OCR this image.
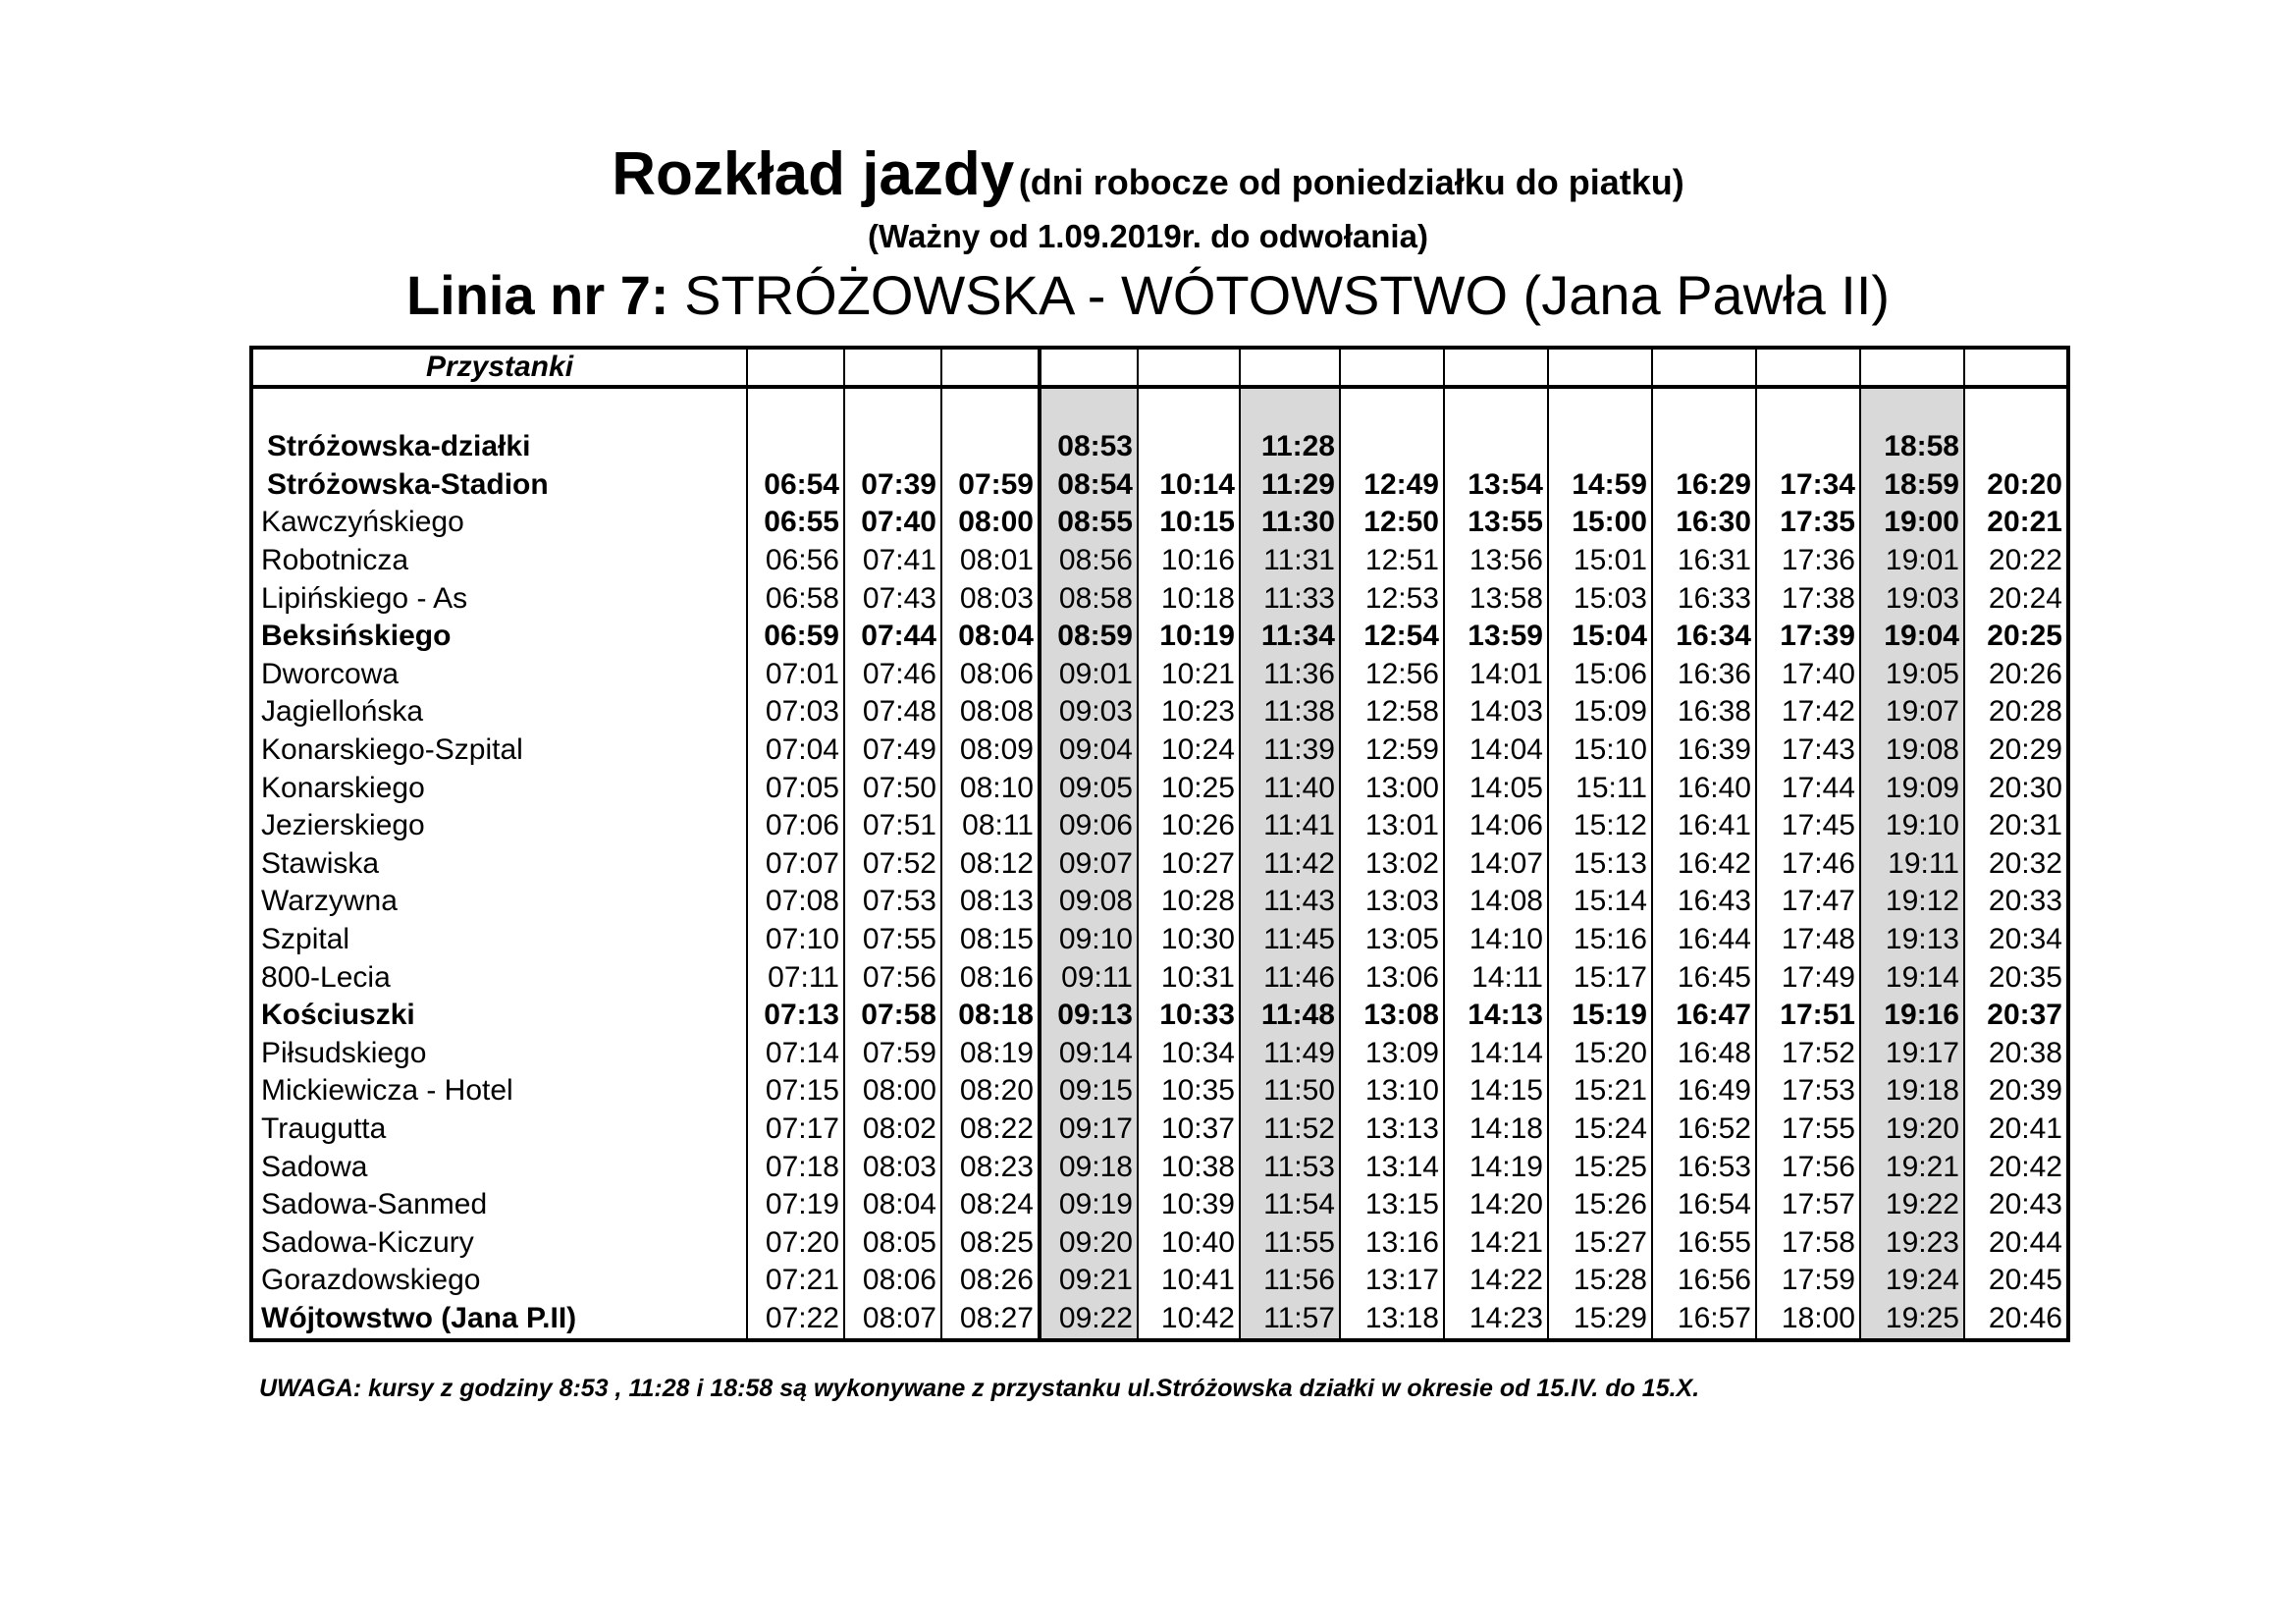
Rozkład jazdy (dni robocze od poniedziałku do piatku)
(Ważny od 1.09.2019r. do odwołania)
Linia nr 7: STRÓŻOWSKA - WÓTOWSTWO (Jana Pawła II)
Przystanki													

Stróżowska-działki				08:53		11:28						18:58	
Stróżowska-Stadion	06:54	07:39	07:59	08:54	10:14	11:29	12:49	13:54	14:59	16:29	17:34	18:59	20:20
Kawczyńskiego	06:55	07:40	08:00	08:55	10:15	11:30	12:50	13:55	15:00	16:30	17:35	19:00	20:21
Robotnicza	06:56	07:41	08:01	08:56	10:16	11:31	12:51	13:56	15:01	16:31	17:36	19:01	20:22
Lipińskiego - As	06:58	07:43	08:03	08:58	10:18	11:33	12:53	13:58	15:03	16:33	17:38	19:03	20:24
Beksińskiego	06:59	07:44	08:04	08:59	10:19	11:34	12:54	13:59	15:04	16:34	17:39	19:04	20:25
Dworcowa	07:01	07:46	08:06	09:01	10:21	11:36	12:56	14:01	15:06	16:36	17:40	19:05	20:26
Jagiellońska	07:03	07:48	08:08	09:03	10:23	11:38	12:58	14:03	15:09	16:38	17:42	19:07	20:28
Konarskiego-Szpital	07:04	07:49	08:09	09:04	10:24	11:39	12:59	14:04	15:10	16:39	17:43	19:08	20:29
Konarskiego	07:05	07:50	08:10	09:05	10:25	11:40	13:00	14:05	15:11	16:40	17:44	19:09	20:30
Jezierskiego	07:06	07:51	08:11	09:06	10:26	11:41	13:01	14:06	15:12	16:41	17:45	19:10	20:31
Stawiska	07:07	07:52	08:12	09:07	10:27	11:42	13:02	14:07	15:13	16:42	17:46	19:11	20:32
Warzywna	07:08	07:53	08:13	09:08	10:28	11:43	13:03	14:08	15:14	16:43	17:47	19:12	20:33
Szpital	07:10	07:55	08:15	09:10	10:30	11:45	13:05	14:10	15:16	16:44	17:48	19:13	20:34
800-Lecia	07:11	07:56	08:16	09:11	10:31	11:46	13:06	14:11	15:17	16:45	17:49	19:14	20:35
Kościuszki	07:13	07:58	08:18	09:13	10:33	11:48	13:08	14:13	15:19	16:47	17:51	19:16	20:37
Piłsudskiego	07:14	07:59	08:19	09:14	10:34	11:49	13:09	14:14	15:20	16:48	17:52	19:17	20:38
Mickiewicza - Hotel	07:15	08:00	08:20	09:15	10:35	11:50	13:10	14:15	15:21	16:49	17:53	19:18	20:39
Traugutta	07:17	08:02	08:22	09:17	10:37	11:52	13:13	14:18	15:24	16:52	17:55	19:20	20:41
Sadowa	07:18	08:03	08:23	09:18	10:38	11:53	13:14	14:19	15:25	16:53	17:56	19:21	20:42
Sadowa-Sanmed	07:19	08:04	08:24	09:19	10:39	11:54	13:15	14:20	15:26	16:54	17:57	19:22	20:43
Sadowa-Kiczury	07:20	08:05	08:25	09:20	10:40	11:55	13:16	14:21	15:27	16:55	17:58	19:23	20:44
Gorazdowskiego	07:21	08:06	08:26	09:21	10:41	11:56	13:17	14:22	15:28	16:56	17:59	19:24	20:45
Wójtowstwo (Jana P.II)	07:22	08:07	08:27	09:22	10:42	11:57	13:18	14:23	15:29	16:57	18:00	19:25	20:46
UWAGA: kursy z godziny 8:53 , 11:28 i 18:58 są wykonywane z przystanku ul.Stróżowska działki w okresie od 15.IV. do 15.X.
